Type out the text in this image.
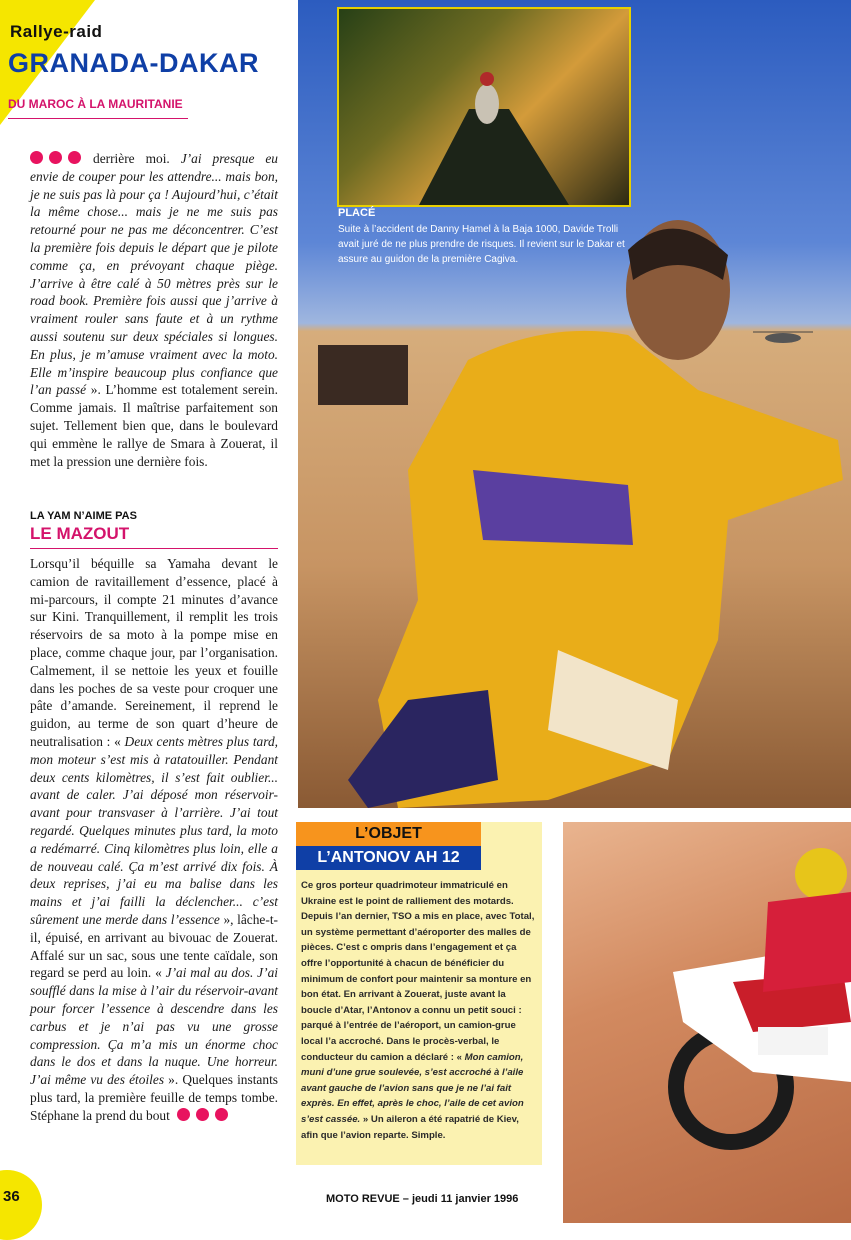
Rallye-raid
GRANADA-DAKAR
DU MAROC À LA MAURITANIE

derrière moi. J’ai presque eu envie de couper pour les attendre... mais bon, je ne suis pas là pour ça ! Aujourd’hui, c’était la même chose... mais je ne me suis pas retourné pour ne pas me déconcentrer. C’est la première fois depuis le départ que je pilote comme ça, en prévoyant chaque piège. J’arrive à être calé à 50 mètres près sur le road book. Première fois aussi que j’arrive à vraiment rouler sans faute et à un rythme aussi soutenu sur deux spéciales si longues. En plus, je m’amuse vraiment avec la moto. Elle m’inspire beaucoup plus confiance que l’an passé ». L’homme est totalement serein. Comme jamais. Il maîtrise parfaitement son sujet. Tellement bien que, dans le boulevard qui emmène le rallye de Smara à Zouerat, il met la pression une dernière fois.

LA YAM N’AIME PAS
LE MAZOUT

Lorsqu’il béquille sa Yamaha devant le camion de ravitaillement d’essence, placé à mi-parcours, il compte 21 minutes d’avance sur Kini. Tranquillement, il remplit les trois réservoirs de sa moto à la pompe mise en place, comme chaque jour, par l’organisation. Calmement, il se nettoie les yeux et fouille dans les poches de sa veste pour croquer une pâte d’amande. Sereinement, il reprend le guidon, au terme de son quart d’heure de neutralisation : « Deux cents mètres plus tard, mon moteur s’est mis à ratatouiller. Pendant deux cents kilomètres, il s’est fait oublier... avant de caler. J’ai déposé mon réservoir-avant pour transvaser à l’arrière. J’ai tout regardé. Quelques minutes plus tard, la moto a redémarré. Cinq kilomètres plus loin, elle a de nouveau calé. Ça m’est arrivé dix fois. À deux reprises, j’ai eu ma balise dans les mains et j’ai failli la déclencher... c’est sûrement une merde dans l’essence », lâche-t-il, épuisé, en arrivant au bivouac de Zouerat. Affalé sur un sac, sous une tente caïdale, son regard se perd au loin. « J’ai mal au dos. J’ai soufflé dans la mise à l’air du réservoir-avant pour forcer l’essence à descendre dans les carbus et je n’ai pas vu une grosse compression. Ça m’a mis un énorme choc dans le dos et dans la nuque. Une horreur. J’ai même vu des étoiles ». Quelques instants plus tard, la première feuille de temps tombe. Stéphane la prend du bout

PLACÉ
Suite à l’accident de Danny Hamel à la Baja 1000, Davide Trolli avait juré de ne plus prendre de risques. Il revient sur le Dakar et assure au guidon de la première Cagiva.
L’OBJET
L’ANTONOV AH 12

Ce gros porteur quadrimoteur immatriculé en Ukraine est le point de ralliement des motards. Depuis l’an dernier, TSO a mis en place, avec Total, un système permettant d’aéroporter des malles de pièces. C’est c ompris dans l’engagement et ça offre l’opportunité à chacun de bénéficier du minimum de confort pour maintenir sa monture en bon état. En arrivant à Zouerat, juste avant la boucle d’Atar, l’Antonov a connu un petit souci : parqué à l’entrée de l’aéroport, un camion-grue local l’a accroché. Dans le procès-verbal, le conducteur du camion a déclaré : « Mon camion, muni d’une grue soulevée, s’est accroché à l’aile avant gauche de l’avion sans que je ne l’ai fait exprès. En effet, après le choc, l’aile de cet avion s’est cassée. » Un aileron a été rapatrié de Kiev, afin que l’avion reparte. Simple.

36	MOTO REVUE – jeudi 11 janvier 1996
